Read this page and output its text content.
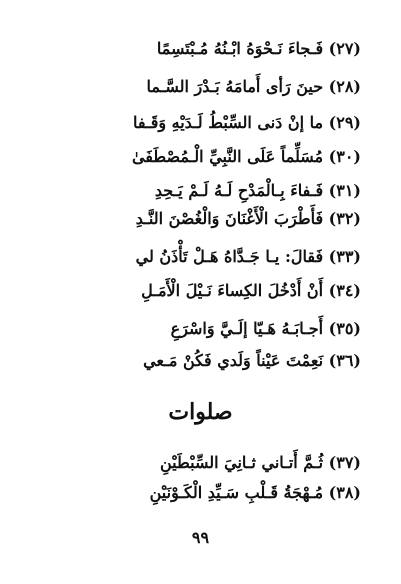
(٢٧) فَـجاءَ نَـحْوَهُ ابْـنُهُ مُـبْتَسِمًا
(٢٨) حينَ رَأى أَمامَهُ بَـدْرَ السَّـما
(٢٩) ما إنْ دَنى السِّبْطُ لَـدَيْهِ وَقَـفا
(٣٠) مُسَلِّماً عَلَى النَّبِيِّ الْـمُصْطَفَىٰ
(٣١) فَـفاءَ بِـالْمَدْحِ لَـهُ لَـمْ يَـحِدِ
(٣٢) فَأَطْرَبَ الْأَغْنَانَ وَالْغُصْنَ النَّـدِ
(٣٣) فَقالَ: يـا جَـدَّاهُ هَـلْ تَأْذَنُ لي
(٣٤) أَنْ أَدْخُلَ الكِساءَ نَـيْلَ الْأَمَـلِ
(٣٥) أَجـابَـهُ هَـيّا إلَـيَّ وَاسْرَعِ
(٣٦) نَعِمْتَ عَيْناً وَلَدي فَكُنْ مَـعي
صلوات
(٣٧) ثُـمَّ أَتـاني ثـانِيَ السِّبْطَيْنِ
(٣٨) مُـهْجَةُ قَـلْبِ سَـيِّدِ الْكَـوْنَيْنِ
٩٩
